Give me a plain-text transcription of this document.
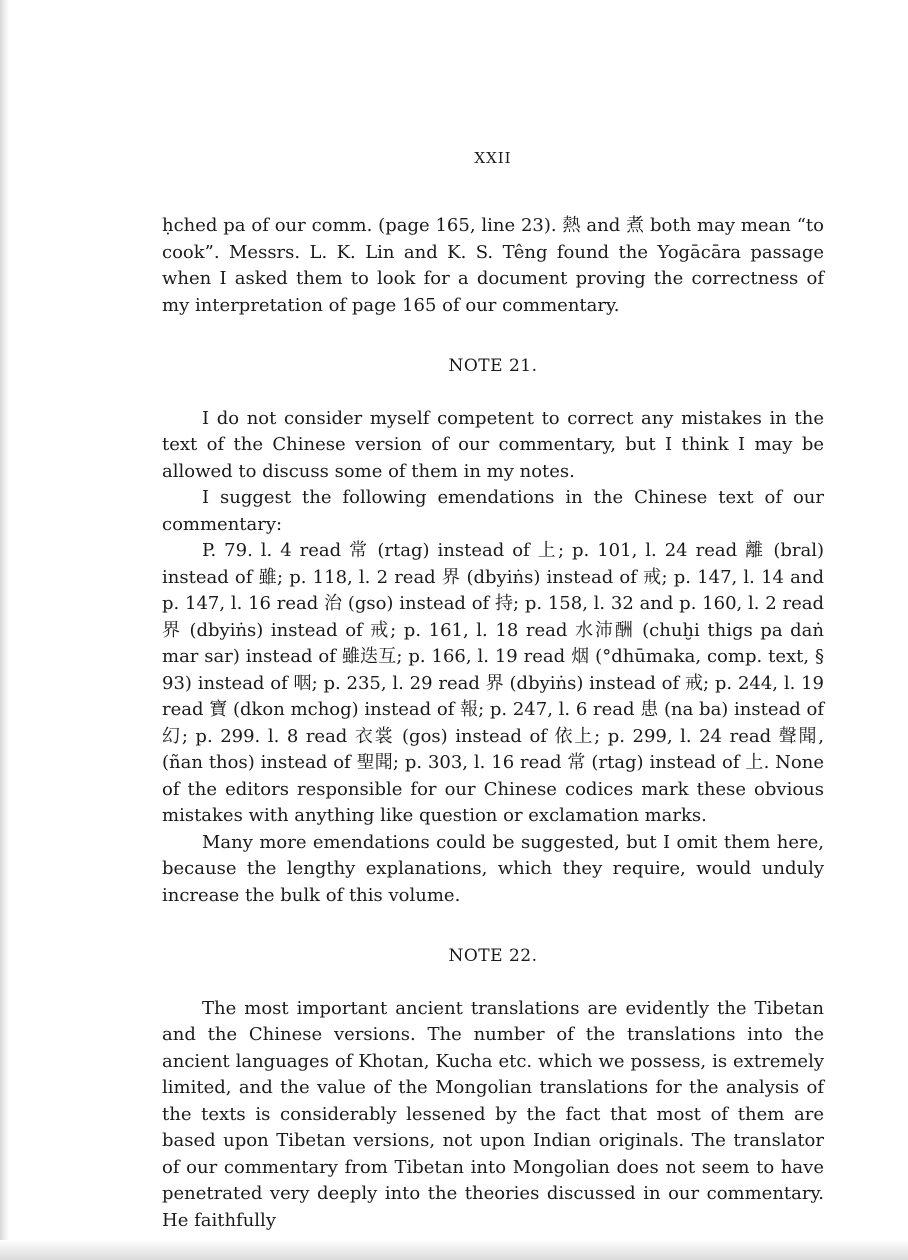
XXII

ḥched pa of our comm. (page 165, line 23). 熱 and 煮 both may mean “to cook”. Messrs. L. K. Lin and K. S. Têng found the Yogācāra passage when I asked them to look for a document proving the correctness of my interpretation of page 165 of our commentary.

NOTE 21.

I do not consider myself competent to correct any mistakes in the text of the Chinese version of our commentary, but I think I may be allowed to discuss some of them in my notes.

I suggest the following emendations in the Chinese text of our commentary:

P. 79. l. 4 read 常 (rtag) instead of 上; p. 101, l. 24 read 離 (bral) instead of 雖; p. 118, l. 2 read 界 (dbyiṅs) instead of 戒; p. 147, l. 14 and p. 147, l. 16 read 治 (gso) instead of 持; p. 158, l. 32 and p. 160, l. 2 read 界 (dbyiṅs) instead of 戒; p. 161, l. 18 read 水沛酬 (chuḫi thigs pa daṅ mar sar) instead of 雖迭互; p. 166, l. 19 read 烟 (°dhūmaka, comp. text, § 93) instead of 咽; p. 235, l. 29 read 界 (dbyiṅs) instead of 戒; p. 244, l. 19 read 寶 (dkon mchog) instead of 報; p. 247, l. 6 read 患 (na ba) instead of 幻; p. 299. l. 8 read 衣裳 (gos) instead of 依上; p. 299, l. 24 read 聲聞, (ñan thos) instead of 聖聞; p. 303, l. 16 read 常 (rtag) instead of 上. None of the editors responsible for our Chinese codices mark these obvious mistakes with anything like question or exclamation marks.

Many more emendations could be suggested, but I omit them here, because the lengthy explanations, which they require, would unduly increase the bulk of this volume.

NOTE 22.

The most important ancient translations are evidently the Tibetan and the Chinese versions. The number of the translations into the ancient languages of Khotan, Kucha etc. which we possess, is extremely limited, and the value of the Mongolian translations for the analysis of the texts is considerably lessened by the fact that most of them are based upon Tibetan versions, not upon Indian originals. The translator of our commentary from Tibetan into Mongolian does not seem to have penetrated very deeply into the theories discussed in our commentary. He faithfully
